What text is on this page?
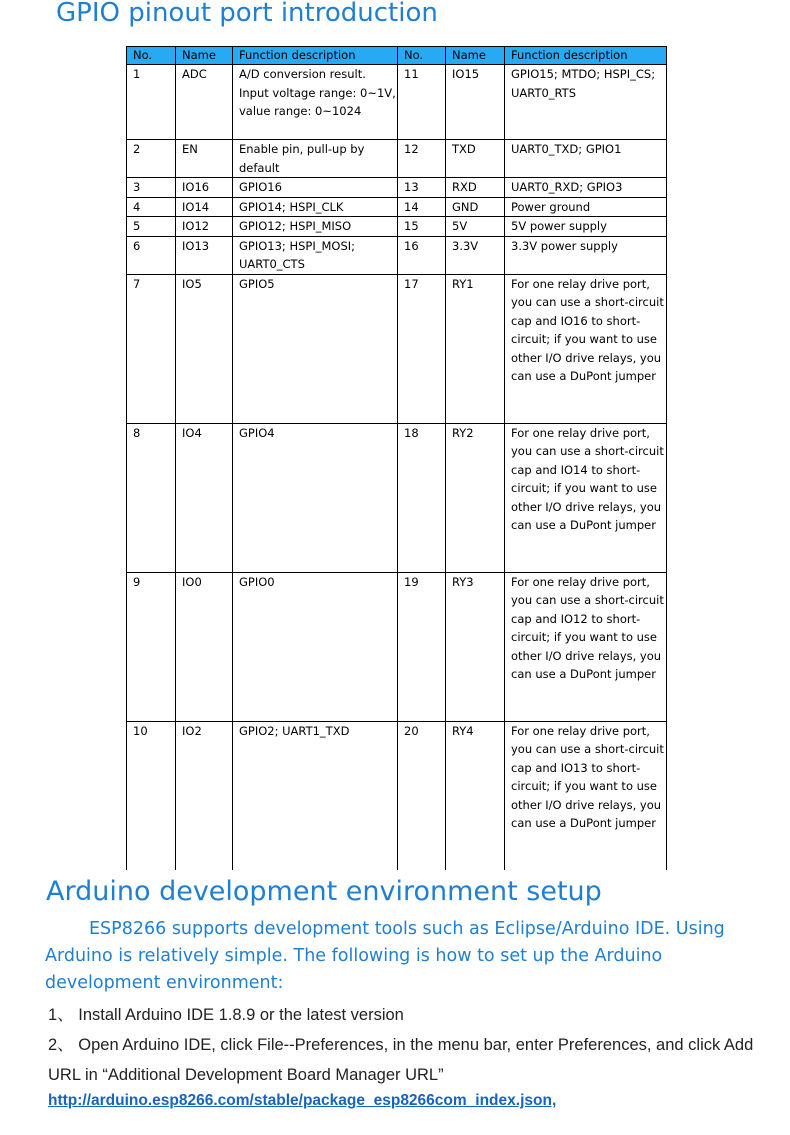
GPIO pinout port introduction
No.	Name	Function description	No.	Name	Function description
1	ADC	A/D conversion result. Input voltage range: 0~1V, value range: 0~1024	11	IO15	GPIO15; MTDO; HSPI_CS; UART0_RTS
2	EN	Enable pin, pull-up by default	12	TXD	UART0_TXD; GPIO1
3	IO16	GPIO16	13	RXD	UART0_RXD; GPIO3
4	IO14	GPIO14; HSPI_CLK	14	GND	Power ground
5	IO12	GPIO12; HSPI_MISO	15	5V	5V power supply
6	IO13	GPIO13; HSPI_MOSI; UART0_CTS	16	3.3V	3.3V power supply
7	IO5	GPIO5	17	RY1	For one relay drive port, you can use a short-circuit cap and IO16 to short-circuit; if you want to use other I/O drive relays, you can use a DuPont jumper
8	IO4	GPIO4	18	RY2	For one relay drive port, you can use a short-circuit cap and IO14 to short-circuit; if you want to use other I/O drive relays, you can use a DuPont jumper
9	IO0	GPIO0	19	RY3	For one relay drive port, you can use a short-circuit cap and IO12 to short-circuit; if you want to use other I/O drive relays, you can use a DuPont jumper
10	IO2	GPIO2; UART1_TXD	20	RY4	For one relay drive port, you can use a short-circuit cap and IO13 to short-circuit; if you want to use other I/O drive relays, you can use a DuPont jumper
Arduino development environment setup

ESP8266 supports development tools such as Eclipse/Arduino IDE. Using Arduino is relatively simple. The following is how to set up the Arduino development environment:

1、 Install Arduino IDE 1.8.9 or the latest version

2、 Open Arduino IDE, click File--Preferences, in the menu bar, enter Preferences, and click Add URL in “Additional Development Board Manager URL”

http://arduino.esp8266.com/stable/package_esp8266com_index.json,
